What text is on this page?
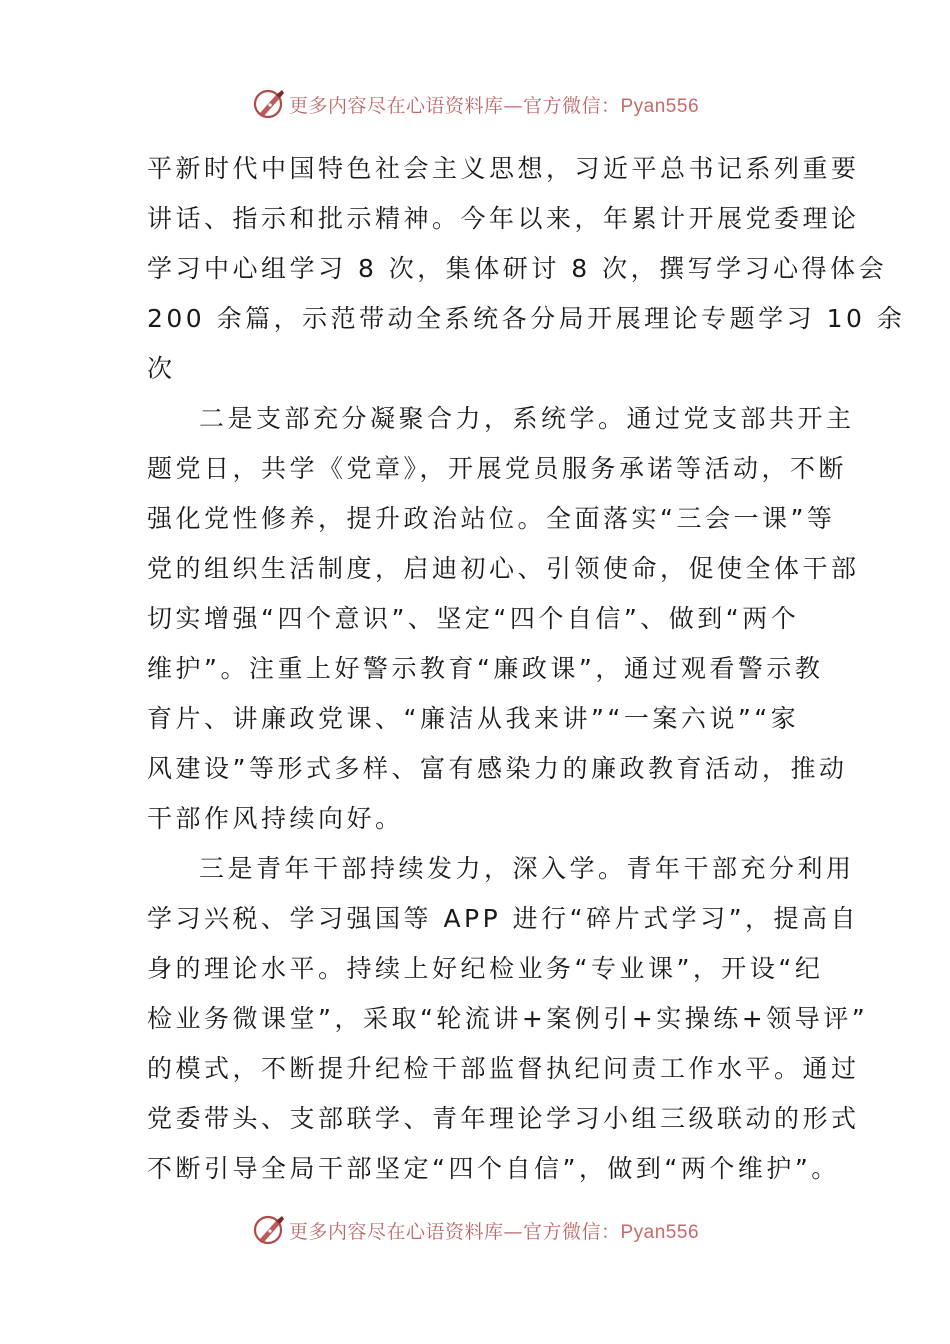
更多内容尽在心语资料库—官方微信：Pyan556
平新时代中国特色社会主义思想，习近平总书记系列重要
讲话、指示和批示精神。今年以来，年累计开展党委理论
学习中心组学习 8 次，集体研讨 8 次，撰写学习心得体会
200 余篇，示范带动全系统各分局开展理论专题学习 10 余
次
二是支部充分凝聚合力，系统学。通过党支部共开主
题党日，共学《党章》，开展党员服务承诺等活动，不断
强化党性修养，提升政治站位。全面落实“三会一课”等
党的组织生活制度，启迪初心、引领使命，促使全体干部
切实增强“四个意识”、坚定“四个自信”、做到“两个
维护”。注重上好警示教育“廉政课”，通过观看警示教
育片、讲廉政党课、“廉洁从我来讲”“一案六说”“家
风建设”等形式多样、富有感染力的廉政教育活动，推动
干部作风持续向好。
三是青年干部持续发力，深入学。青年干部充分利用
学习兴税、学习强国等 APP 进行“碎片式学习”，提高自
身的理论水平。持续上好纪检业务“专业课”，开设“纪
检业务微课堂”，采取“轮流讲+案例引+实操练+领导评”
的模式，不断提升纪检干部监督执纪问责工作水平。通过
党委带头、支部联学、青年理论学习小组三级联动的形式
不断引导全局干部坚定“四个自信”，做到“两个维护”。
更多内容尽在心语资料库—官方微信：Pyan556
